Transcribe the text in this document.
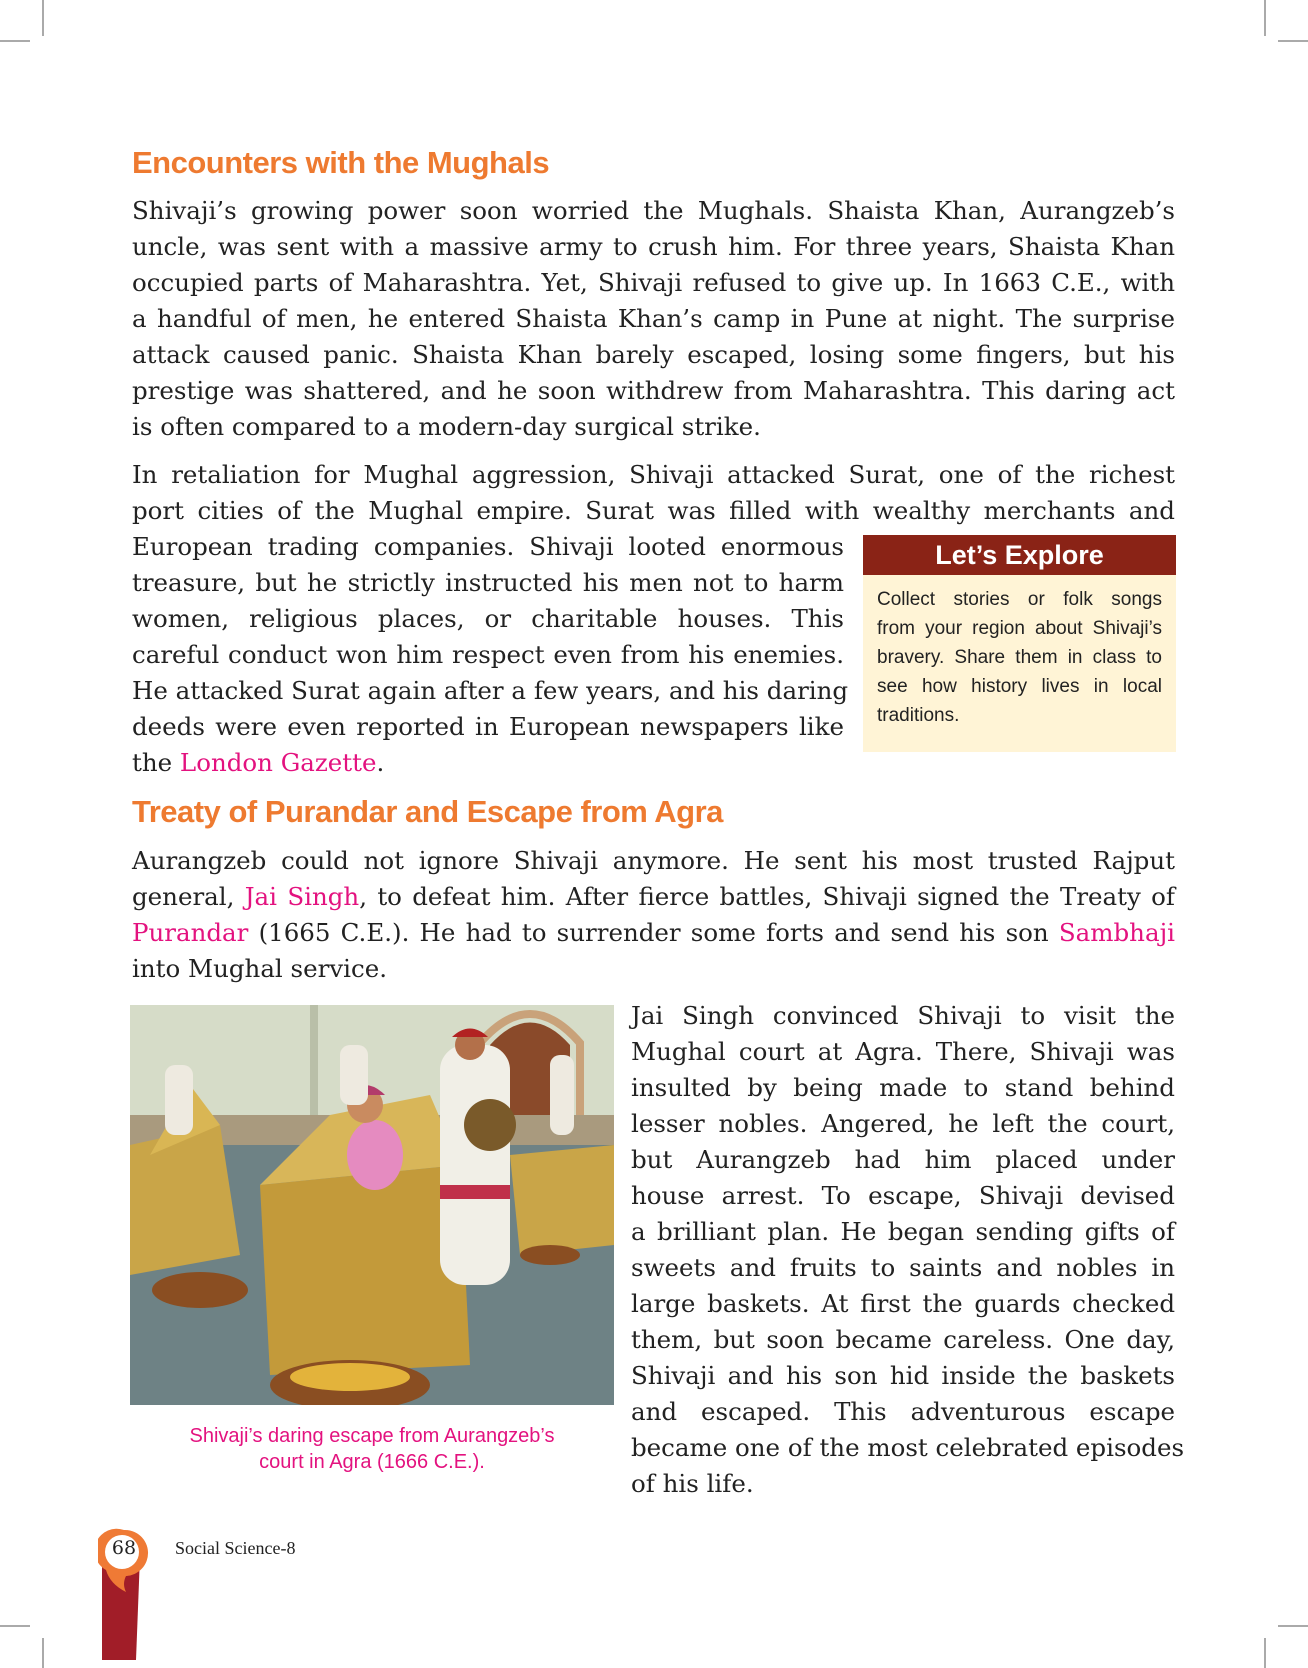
Encounters with the Mughals
Shivaji’s growing power soon worried the Mughals. Shaista Khan, Aurangzeb’s
uncle, was sent with a massive army to crush him. For three years, Shaista Khan
occupied parts of Maharashtra. Yet, Shivaji refused to give up. In 1663 C.E., with
a handful of men, he entered Shaista Khan’s camp in Pune at night. The surprise
attack caused panic. Shaista Khan barely escaped, losing some fingers, but his
prestige was shattered, and he soon withdrew from Maharashtra. This daring act
is often compared to a modern-day surgical strike.
In retaliation for Mughal aggression, Shivaji attacked Surat, one of the richest
port cities of the Mughal empire. Surat was filled with wealthy merchants and
European trading companies. Shivaji looted enormous
treasure, but he strictly instructed his men not to harm
women, religious places, or charitable houses. This
careful conduct won him respect even from his enemies.
He attacked Surat again after a few years, and his daring
deeds were even reported in European newspapers like
the London Gazette.
Let’s Explore
Collect stories or folk songs
from your region about Shivaji’s
bravery. Share them in class to
see how history lives in local
traditions.
Treaty of Purandar and Escape from Agra
Aurangzeb could not ignore Shivaji anymore. He sent his most trusted Rajput
general, Jai Singh, to defeat him. After fierce battles, Shivaji signed the Treaty of
Purandar (1665 C.E.). He had to surrender some forts and send his son Sambhaji
into Mughal service.
Shivaji’s daring escape from Aurangzeb’s
court in Agra (1666 C.E.).
Jai Singh convinced Shivaji to visit the
Mughal court at Agra. There, Shivaji was
insulted by being made to stand behind
lesser nobles. Angered, he left the court,
but Aurangzeb had him placed under
house arrest. To escape, Shivaji devised
a brilliant plan. He began sending gifts of
sweets and fruits to saints and nobles in
large baskets. At first the guards checked
them, but soon became careless. One day,
Shivaji and his son hid inside the baskets
and escaped. This adventurous escape
became one of the most celebrated episodes
of his life.
68	Social Science-8
